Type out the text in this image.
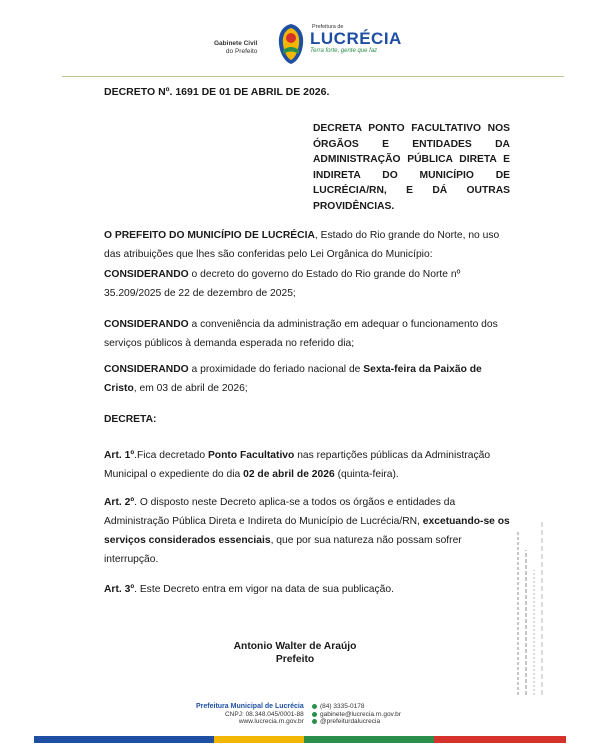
Gabinete Civil
do Prefeito
Prefeitura de
LUCRÉCIA
Terra forte, gente que faz
DECRETO Nº. 1691 DE 01 DE ABRIL DE 2026.
DECRETA PONTO FACULTATIVO NOS ÓRGÃOS E ENTIDADES DA ADMINISTRAÇÃO PÚBLICA DIRETA E INDIRETA DO MUNICÍPIO DE LUCRÉCIA/RN, E DÁ OUTRAS PROVIDÊNCIAS.
O PREFEITO DO MUNICÍPIO DE LUCRÉCIA, Estado do Rio grande do Norte, no uso das atribuições que lhes são conferidas pelo Lei Orgânica do Município:
CONSIDERANDO o decreto do governo do Estado do Rio grande do Norte nº 35.209/2025 de 22 de dezembro de 2025;
CONSIDERANDO a conveniência da administração em adequar o funcionamento dos serviços públicos à demanda esperada no referido dia;
CONSIDERANDO a proximidade do feriado nacional de Sexta-feira da Paixão de Cristo, em 03 de abril de 2026;
DECRETA:
Art. 1º.Fica decretado Ponto Facultativo nas repartições públicas da Administração Municipal o expediente do dia 02 de abril de 2026 (quinta-feira).
Art. 2º. O disposto neste Decreto aplica-se a todos os órgãos e entidades da Administração Pública Direta e Indireta do Município de Lucrécia/RN, excetuando-se os serviços considerados essenciais, que por sua natureza não possam sofrer interrupção.
Art. 3º. Este Decreto entra em vigor na data de sua publicação.
Antonio Walter de Araújo
Prefeito
Prefeitura Municipal de Lucrécia
CNPJ: 08.348.045/0001-88
www.lucrecia.rn.gov.br
(84) 3335-0178
gabinete@lucrecia.rn.gov.br
@prefeiturdalucrecia
